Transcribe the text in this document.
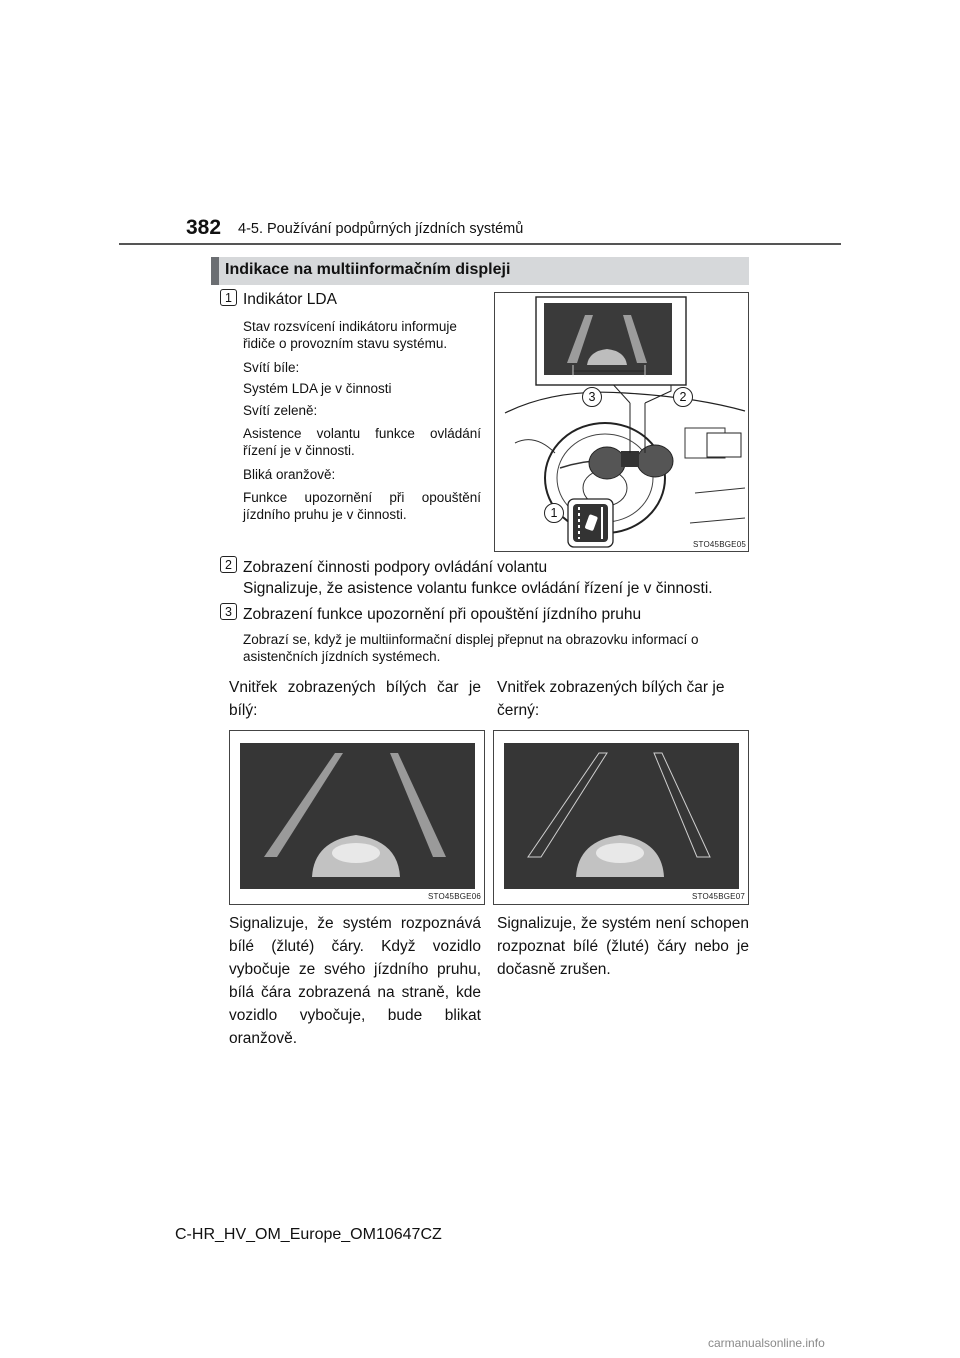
382 4-5. Používání podpůrných jízdních systémů
Indikace na multiinformačním displeji
1 Indikátor LDA
Stav rozsvícení indikátoru informuje řidiče o provozním stavu systému.
Svítí bíle:
Systém LDA je v činnosti
Svítí zeleně:
Asistence volantu funkce ovládání řízení je v činnosti.
Bliká oranžově:
Funkce upozornění při opouštění jízdního pruhu je v činnosti.
3	2
1
STO45BGE05
2 Zobrazení činnosti podpory ovládání volantu
Signalizuje, že asistence volantu funkce ovládání řízení je v činnosti.
3 Zobrazení funkce upozornění při opouštění jízdního pruhu
Zobrazí se, když je multiinformační displej přepnut na obrazovku informací o asistenčních jízdních systémech.
Vnitřek zobrazených bílých čar je bílý:
Vnitřek zobrazených bílých čar je černý:
STO45BGE06	STO45BGE07
Signalizuje, že systém rozpoznává bílé (žluté) čáry. Když vozidlo vybočuje ze svého jízdního pruhu, bílá čára zobrazená na straně, kde vozidlo vybočuje, bude blikat oranžově.
Signalizuje, že systém není schopen rozpoznat bílé (žluté) čáry nebo je dočasně zrušen.
C-HR_HV_OM_Europe_OM10647CZ
carmanualsonline.info
